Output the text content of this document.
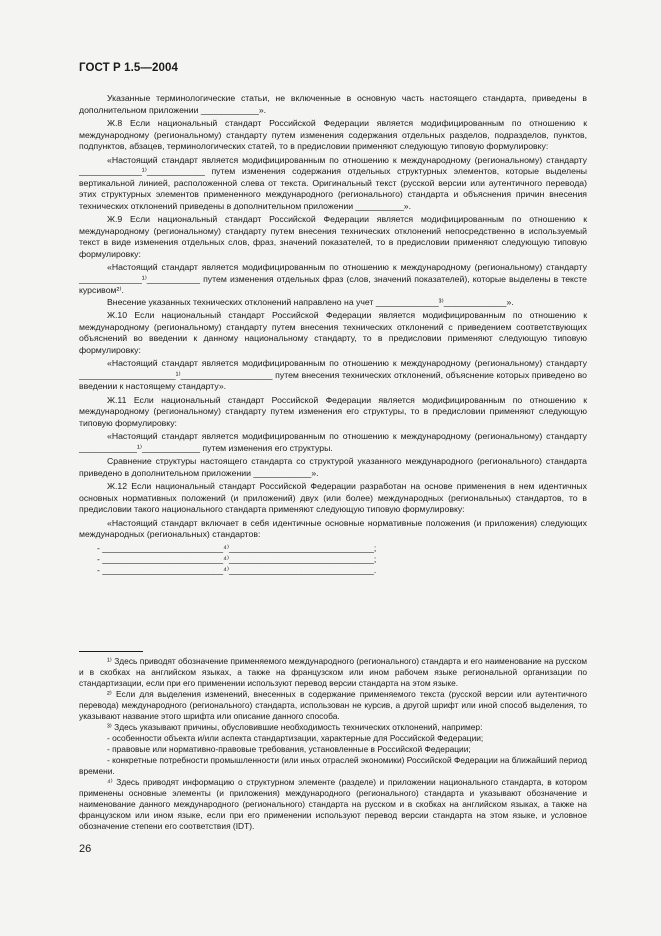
ГОСТ Р 1.5—2004

Указанные терминологические статьи, не включенные в основную часть настоящего стандарта, приведены в дополнительном приложении ____________».

Ж.8 Если национальный стандарт Российской Федерации является модифицированным по отношению к международному (региональному) стандарту путем изменения содержания отдельных разделов, подразделов, пунктов, подпунктов, абзацев, терминологических статей, то в предисловии применяют следующую типовую формулировку:

«Настоящий стандарт является модифицированным по отношению к международному (региональному) стандарту _____________¹⁾____________ путем изменения содержания отдельных структурных элементов, которые выделены вертикальной линией, расположенной слева от текста. Оригинальный текст (русской версии или аутентичного перевода) этих структурных элементов примененного международного (регионального) стандарта и объяснения причин внесения технических отклонений приведены в дополнительном приложении __________».

Ж.9 Если национальный стандарт Российской Федерации является модифицированным по отношению к международному (региональному) стандарту путем внесения технических отклонений непосредственно в используемый текст в виде изменения отдельных слов, фраз, значений показателей, то в предисловии применяют следующую типовую формулировку:

«Настоящий стандарт является модифицированным по отношению к международному (региональному) стандарту _____________¹⁾___________ путем изменения отдельных фраз (слов, значений показателей), которые выделены в тексте курсивом²⁾.

Внесение указанных технических отклонений направлено на учет _____________³⁾_____________».

Ж.10 Если национальный стандарт Российской Федерации является модифицированным по отношению к международному (региональному) стандарту путем внесения технических отклонений с приведением соответствующих объяснений во введении к данному национальному стандарту, то в предисловии применяют следующую типовую формулировку:

«Настоящий стандарт является модифицированным по отношению к международному (региональному) стандарту ____________________¹⁾___________________ путем внесения технических отклонений, объяснение которых приведено во введении к настоящему стандарту».

Ж.11 Если национальный стандарт Российской Федерации является модифицированным по отношению к международному (региональному) стандарту путем изменения его структуры, то в предисловии применяют следующую типовую формулировку:

«Настоящий стандарт является модифицированным по отношению к международному (региональному) стандарту ____________¹⁾____________ путем изменения его структуры.

Сравнение структуры настоящего стандарта со структурой указанного международного (регионального) стандарта приведено в дополнительном приложении ____________».

Ж.12 Если национальный стандарт Российской Федерации разработан на основе применения в нем идентичных основных нормативных положений (и приложений) двух (или более) международных (региональных) стандартов, то в предисловии такого национального стандарта применяют следующую типовую формулировку:

«Настоящий стандарт включает в себя идентичные основные нормативные положения (и приложения) следующих международных (региональных) стандартов:

- _________________________⁴⁾______________________________;
- _________________________⁴⁾______________________________;
- _________________________⁴⁾______________________________.

¹⁾ Здесь приводят обозначение применяемого международного (регионального) стандарта и его наименование на русском и в скобках на английском языках, а также на французском или ином рабочем языке региональной организации по стандартизации, если при его применении используют перевод версии стандарта на этом языке.

²⁾ Если для выделения изменений, внесенных в содержание применяемого текста (русской версии или аутентичного перевода) международного (регионального) стандарта, использован не курсив, а другой шрифт или иной способ выделения, то указывают название этого шрифта или описание данного способа.

³⁾ Здесь указывают причины, обусловившие необходимость технических отклонений, например:

- особенности объекта и/или аспекта стандартизации, характерные для Российской Федерации;

- правовые или нормативно-правовые требования, установленные в Российской Федерации;

- конкретные потребности промышленности (или иных отраслей экономики) Российской Федерации на ближайший период времени.

⁴⁾ Здесь приводят информацию о структурном элементе (разделе) и приложении национального стандарта, в котором применены основные элементы (и приложения) международного (регионального) стандарта и указывают обозначение и наименование данного международного (регионального) стандарта на русском и в скобках на английском языках, а также на французском или ином языке, если при его применении используют перевод версии стандарта на этом языке, и условное обозначение степени его соответствия (IDT).

26
